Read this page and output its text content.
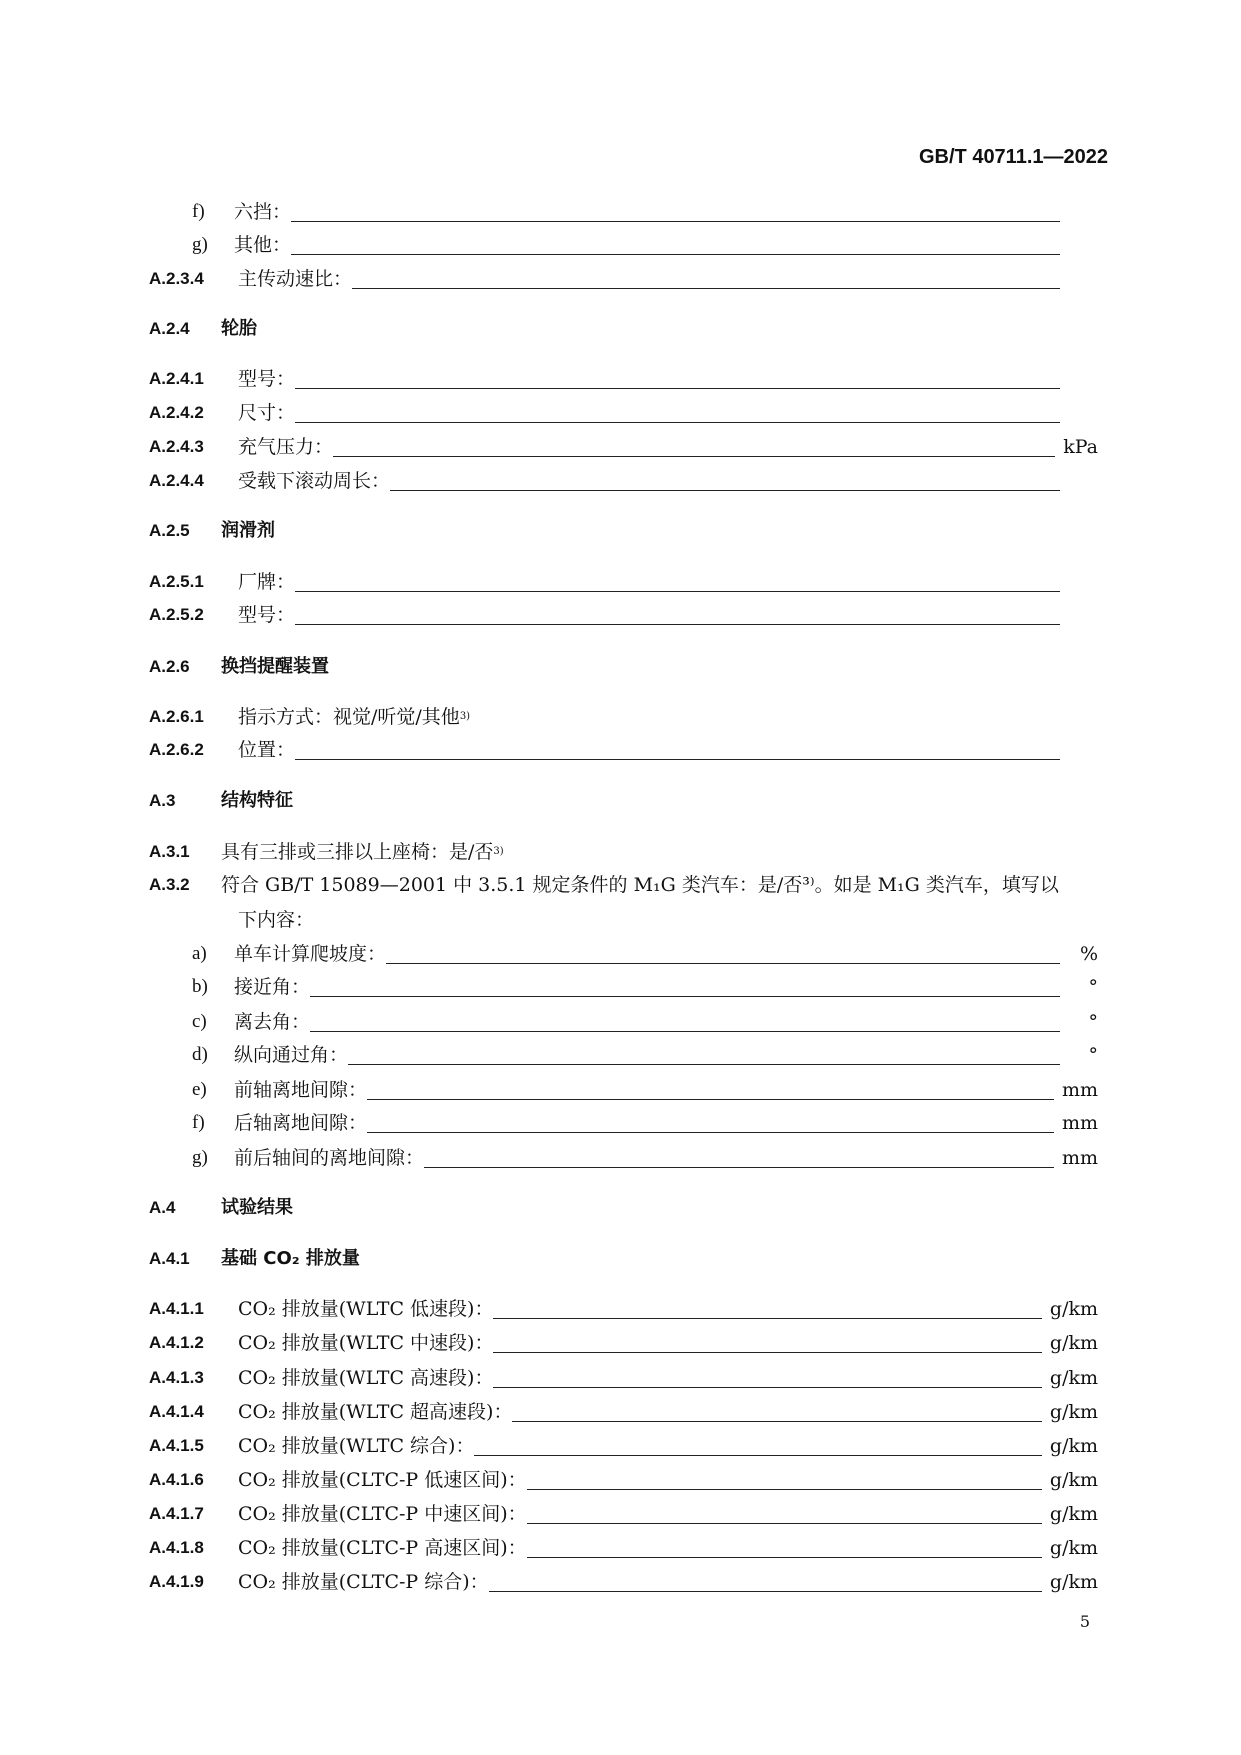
GB/T 40711.1—2022
f)	六挡：
g)	其他：
A.2.3.4	主传动速比：
A.2.4	轮胎
A.2.4.1	型号：
A.2.4.2	尺寸：
A.2.4.3	充气压力：	kPa
A.2.4.4	受载下滚动周长：
A.2.5	润滑剂
A.2.5.1	厂牌：
A.2.5.2	型号：
A.2.6	换挡提醒装置
A.2.6.1	指示方式：视觉/听觉/其他 3)
A.2.6.2	位置：
A.3	结构特征
A.3.1	具有三排或三排以上座椅：是/否 3)
A.3.2	符合 GB/T 15089—2001 中 3.5.1 规定条件的 M₁G 类汽车：是/否³⁾。如是 M₁G 类汽车，填写以
下内容：
a)	单车计算爬坡度：	%
b)	接近角：	°
c)	离去角：	°
d)	纵向通过角：	°
e)	前轴离地间隙：	mm
f)	后轴离地间隙：	mm
g)	前后轴间的离地间隙：	mm
A.4	试验结果
A.4.1	基础 CO₂ 排放量
A.4.1.1	CO₂ 排放量(WLTC 低速段)：	g/km
A.4.1.2	CO₂ 排放量(WLTC 中速段)：	g/km
A.4.1.3	CO₂ 排放量(WLTC 高速段)：	g/km
A.4.1.4	CO₂ 排放量(WLTC 超高速段)：	g/km
A.4.1.5	CO₂ 排放量(WLTC 综合)：	g/km
A.4.1.6	CO₂ 排放量(CLTC-P 低速区间)：	g/km
A.4.1.7	CO₂ 排放量(CLTC-P 中速区间)：	g/km
A.4.1.8	CO₂ 排放量(CLTC-P 高速区间)：	g/km
A.4.1.9	CO₂ 排放量(CLTC-P 综合)：	g/km
5
